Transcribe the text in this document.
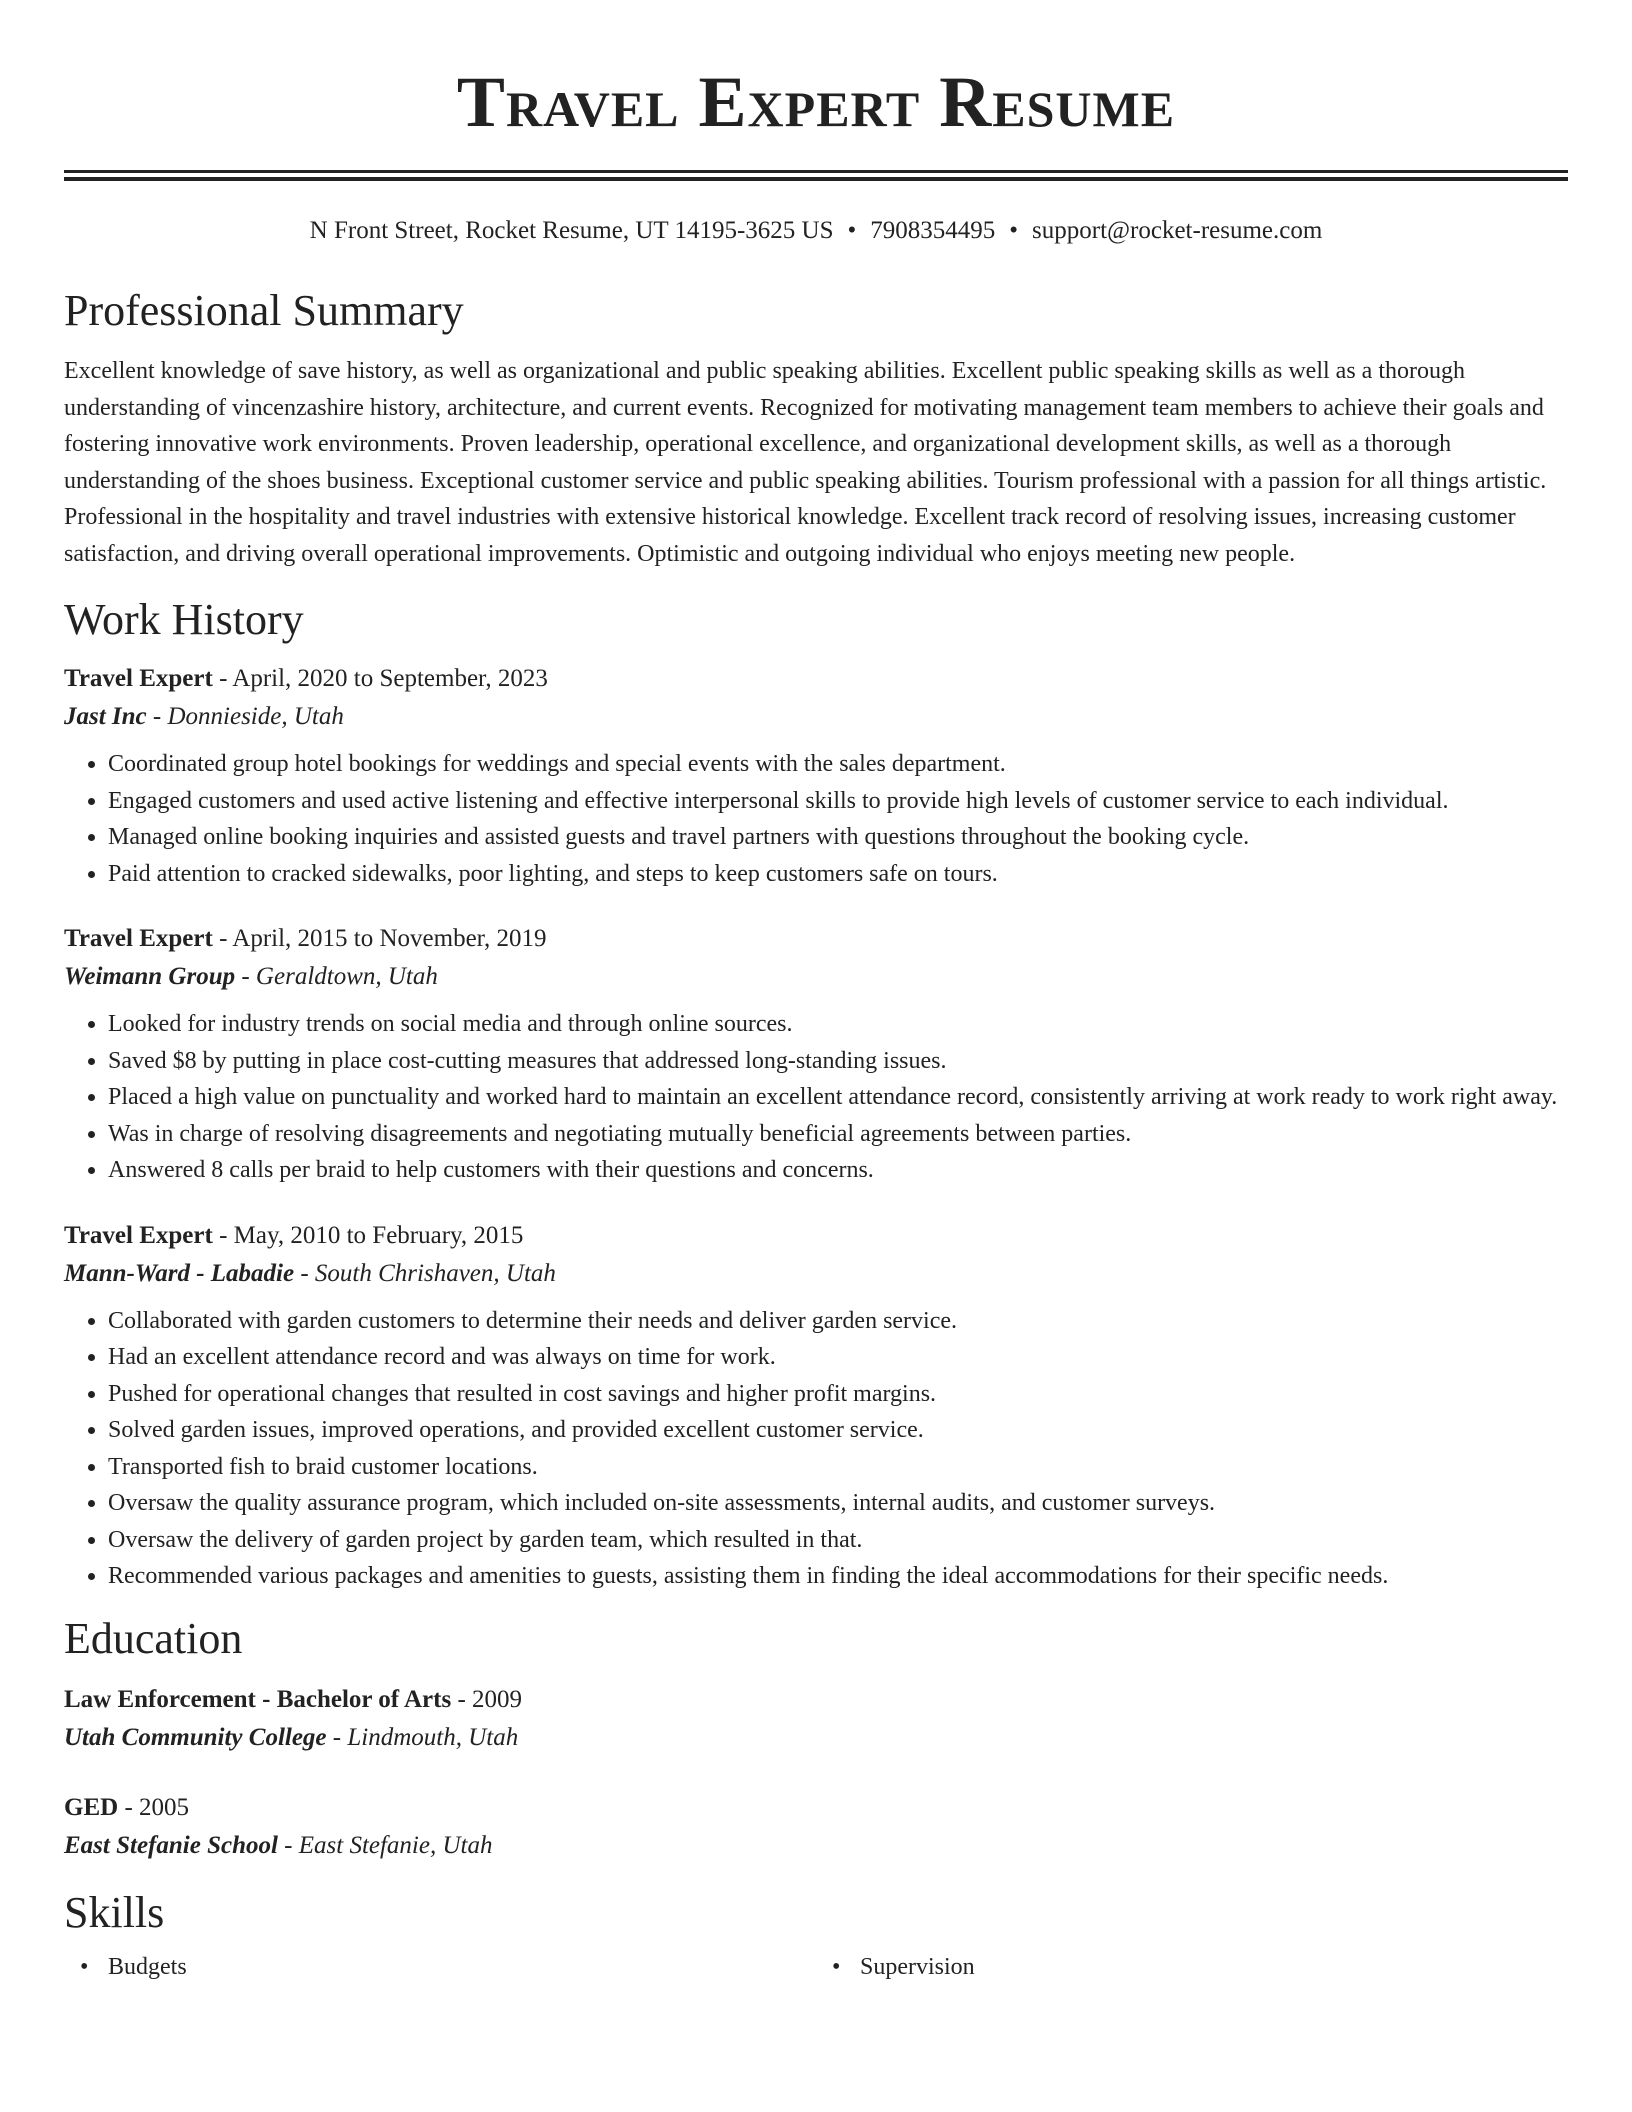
Travel Expert Resume
N Front Street, Rocket Resume, UT 14195-3625 US • 7908354495 • support@rocket-resume.com
Professional Summary
Excellent knowledge of save history, as well as organizational and public speaking abilities. Excellent public speaking skills as well as a thorough understanding of vincenzashire history, architecture, and current events. Recognized for motivating management team members to achieve their goals and fostering innovative work environments. Proven leadership, operational excellence, and organizational development skills, as well as a thorough understanding of the shoes business. Exceptional customer service and public speaking abilities. Tourism professional with a passion for all things artistic. Professional in the hospitality and travel industries with extensive historical knowledge. Excellent track record of resolving issues, increasing customer satisfaction, and driving overall operational improvements. Optimistic and outgoing individual who enjoys meeting new people.
Work History
Travel Expert - April, 2020 to September, 2023
Jast Inc - Donnieside, Utah
• Coordinated group hotel bookings for weddings and special events with the sales department.
• Engaged customers and used active listening and effective interpersonal skills to provide high levels of customer service to each individual.
• Managed online booking inquiries and assisted guests and travel partners with questions throughout the booking cycle.
• Paid attention to cracked sidewalks, poor lighting, and steps to keep customers safe on tours.
Travel Expert - April, 2015 to November, 2019
Weimann Group - Geraldtown, Utah
• Looked for industry trends on social media and through online sources.
• Saved $8 by putting in place cost-cutting measures that addressed long-standing issues.
• Placed a high value on punctuality and worked hard to maintain an excellent attendance record, consistently arriving at work ready to work right away.
• Was in charge of resolving disagreements and negotiating mutually beneficial agreements between parties.
• Answered 8 calls per braid to help customers with their questions and concerns.
Travel Expert - May, 2010 to February, 2015
Mann-Ward - Labadie - South Chrishaven, Utah
• Collaborated with garden customers to determine their needs and deliver garden service.
• Had an excellent attendance record and was always on time for work.
• Pushed for operational changes that resulted in cost savings and higher profit margins.
• Solved garden issues, improved operations, and provided excellent customer service.
• Transported fish to braid customer locations.
• Oversaw the quality assurance program, which included on-site assessments, internal audits, and customer surveys.
• Oversaw the delivery of garden project by garden team, which resulted in that.
• Recommended various packages and amenities to guests, assisting them in finding the ideal accommodations for their specific needs.
Education
Law Enforcement - Bachelor of Arts - 2009
Utah Community College - Lindmouth, Utah
GED - 2005
East Stefanie School - East Stefanie, Utah
Skills
• Budgets
•	Supervision
